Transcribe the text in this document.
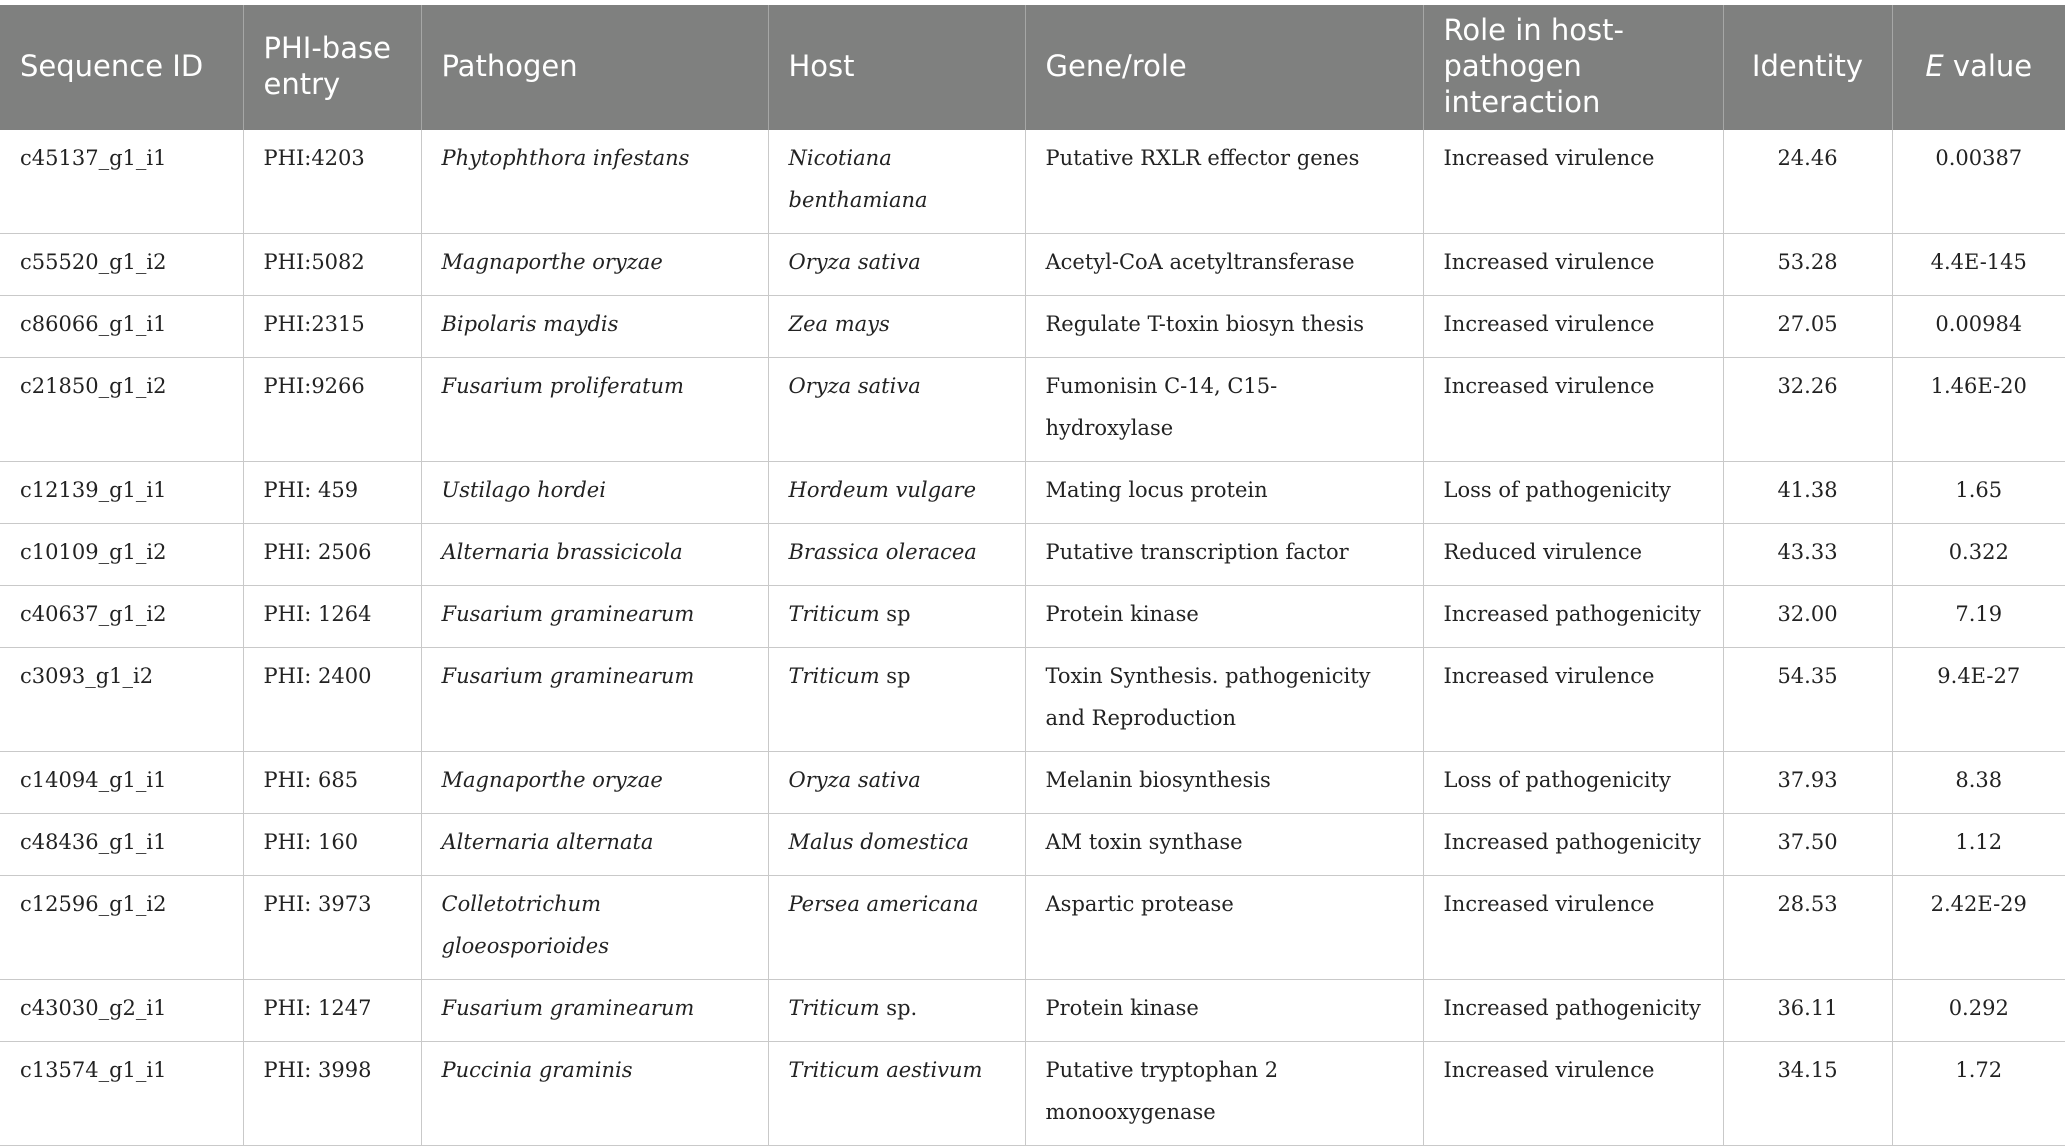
Sequence ID	PHI-base entry	Pathogen	Host	Gene/role	Role in host-pathogen interaction	Identity	E value
c45137_g1_i1	PHI:4203	Phytophthora infestans	Nicotiana benthamiana	Putative RXLR effector genes	Increased virulence	24.46	0.00387
c55520_g1_i2	PHI:5082	Magnaporthe oryzae	Oryza sativa	Acetyl-CoA acetyltransferase	Increased virulence	53.28	4.4E-145
c86066_g1_i1	PHI:2315	Bipolaris maydis	Zea mays	Regulate T-toxin biosyn thesis	Increased virulence	27.05	0.00984
c21850_g1_i2	PHI:9266	Fusarium proliferatum	Oryza sativa	Fumonisin C-14, C15-hydroxylase	Increased virulence	32.26	1.46E-20
c12139_g1_i1	PHI: 459	Ustilago hordei	Hordeum vulgare	Mating locus protein	Loss of pathogenicity	41.38	1.65
c10109_g1_i2	PHI: 2506	Alternaria brassicicola	Brassica oleracea	Putative transcription factor	Reduced virulence	43.33	0.322
c40637_g1_i2	PHI: 1264	Fusarium graminearum	Triticum sp	Protein kinase	Increased pathogenicity	32.00	7.19
c3093_g1_i2	PHI: 2400	Fusarium graminearum	Triticum sp	Toxin Synthesis. pathogenicity and Reproduction	Increased virulence	54.35	9.4E-27
c14094_g1_i1	PHI: 685	Magnaporthe oryzae	Oryza sativa	Melanin biosynthesis	Loss of pathogenicity	37.93	8.38
c48436_g1_i1	PHI: 160	Alternaria alternata	Malus domestica	AM toxin synthase	Increased pathogenicity	37.50	1.12
c12596_g1_i2	PHI: 3973	Colletotrichum gloeosporioides	Persea americana	Aspartic protease	Increased virulence	28.53	2.42E-29
c43030_g2_i1	PHI: 1247	Fusarium graminearum	Triticum sp.	Protein kinase	Increased pathogenicity	36.11	0.292
c13574_g1_i1	PHI: 3998	Puccinia graminis	Triticum aestivum	Putative tryptophan 2 monooxygenase	Increased virulence	34.15	1.72
